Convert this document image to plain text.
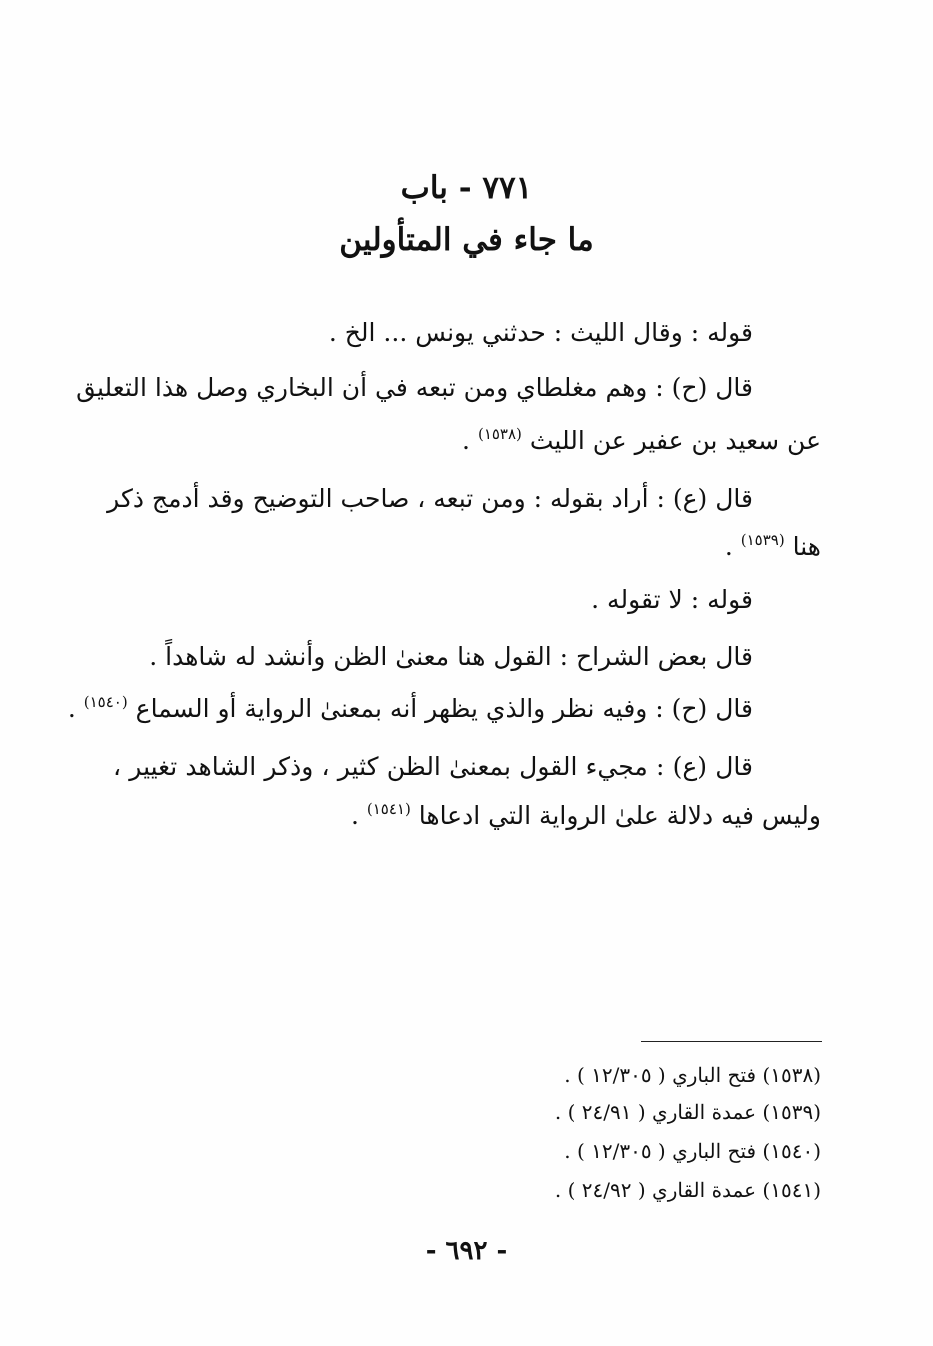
٧٧١ - باب
ما جاء في المتأولين
قوله : وقال الليث : حدثني يونس ... الخ .
قال (ح) : وهم مغلطاي ومن تبعه في أن البخاري وصل هذا التعليق
عن سعيد بن عفير عن الليث $^{(١٥٣٨)}$ .
قال (ع) : أراد بقوله : ومن تبعه ، صاحب التوضيح وقد أدمج ذكر
هنا $^{(١٥٣٩)}$ .
قوله : لا تقوله .
قال بعض الشراح : القول هنا معنىٰ الظن وأنشد له شاهداً .
قال (ح) : وفيه نظر والذي يظهر أنه بمعنىٰ الرواية أو السماع $^{(١٥٤٠)}$ .
قال (ع) : مجيء القول بمعنىٰ الظن كثير ، وذكر الشاهد تغيير ،
وليس فيه دلالة علىٰ الرواية التي ادعاها $^{(١٥٤١)}$ .
(١٥٣٨) فتح الباري ( ١٢/٣٠٥ ) .
(١٥٣٩) عمدة القاري ( ٢٤/٩١ ) .
(١٥٤٠) فتح الباري ( ١٢/٣٠٥ ) .
(١٥٤١) عمدة القاري ( ٢٤/٩٢ ) .
- ٦٩٢ -
